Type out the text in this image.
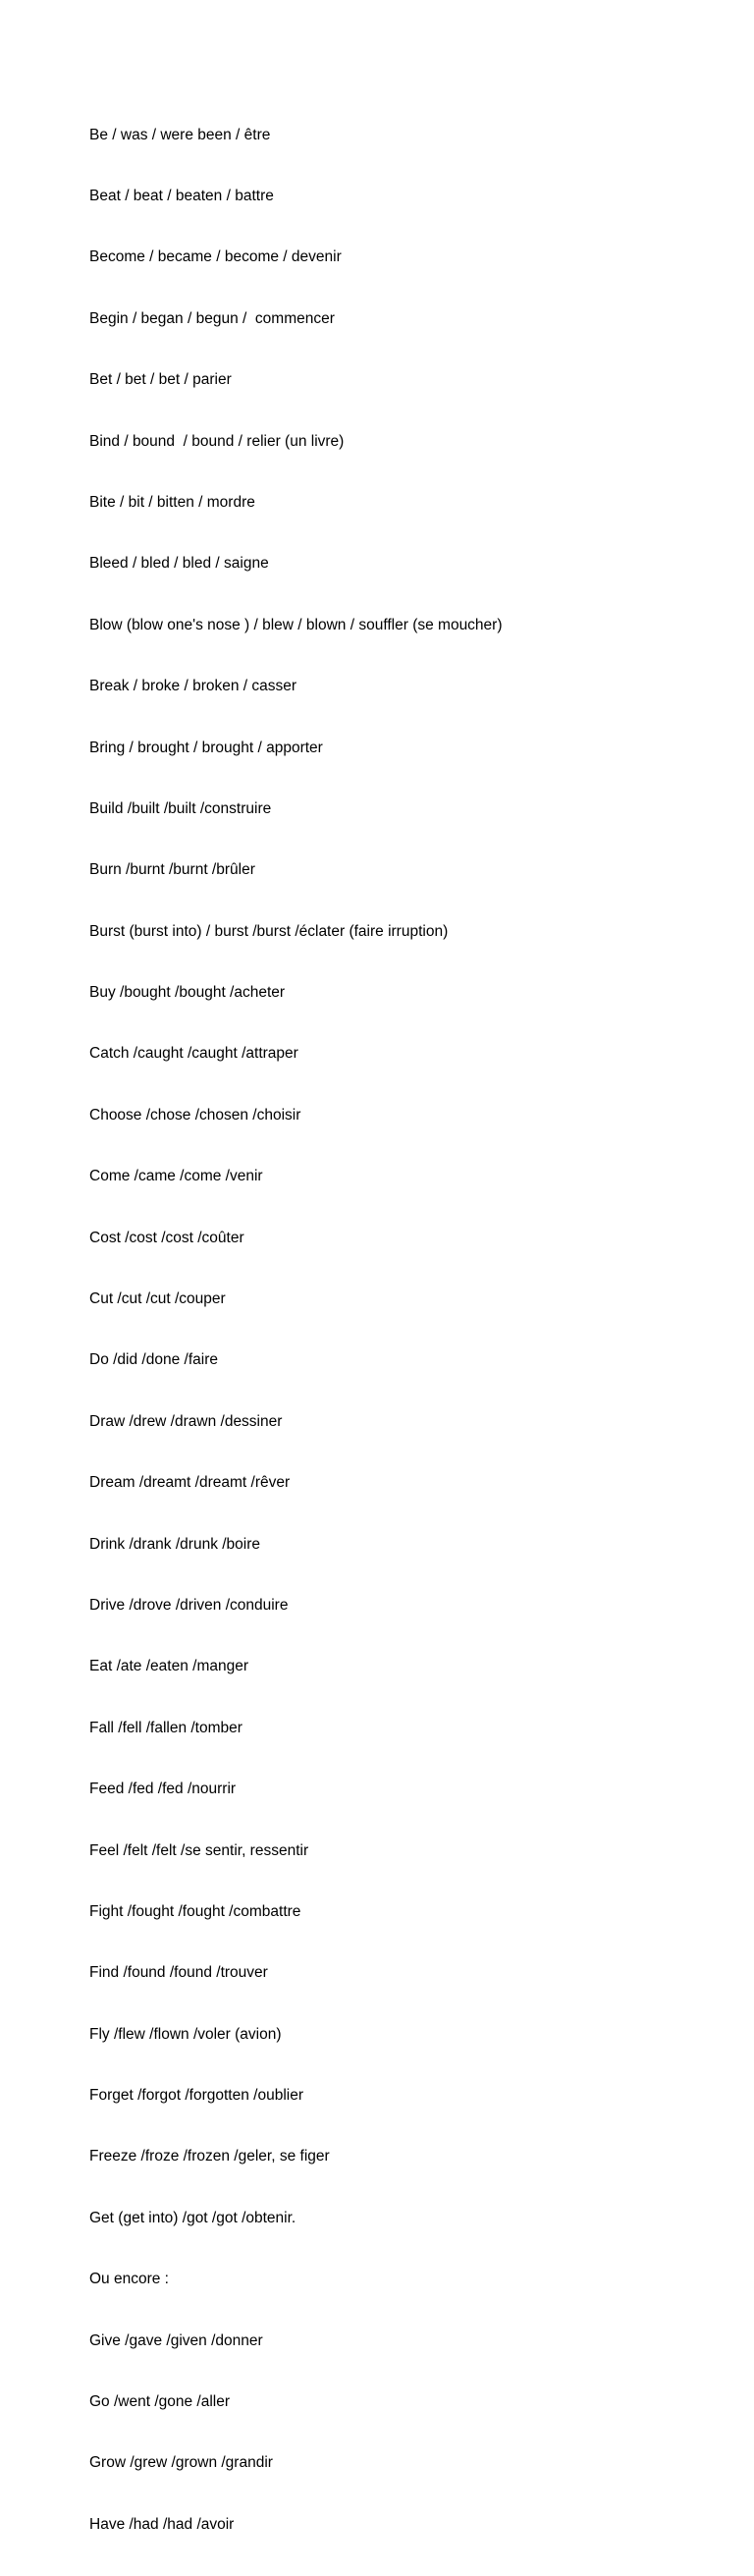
Be / was / were been / être

Beat / beat / beaten / battre

Become / became / become / devenir

Begin / began / begun /  commencer

Bet / bet / bet / parier

Bind / bound  / bound / relier (un livre)

Bite / bit / bitten / mordre

Bleed / bled / bled / saigne

Blow (blow one's nose ) / blew / blown / souffler (se moucher)

Break / broke / broken / casser

Bring / brought / brought / apporter

Build /built /built /construire

Burn /burnt /burnt /brûler

Burst (burst into) / burst /burst /éclater (faire irruption)

Buy /bought /bought /acheter

Catch /caught /caught /attraper

Choose /chose /chosen /choisir

Come /came /come /venir

Cost /cost /cost /coûter

Cut /cut /cut /couper

Do /did /done /faire

Draw /drew /drawn /dessiner

Dream /dreamt /dreamt /rêver

Drink /drank /drunk /boire

Drive /drove /driven /conduire

Eat /ate /eaten /manger

Fall /fell /fallen /tomber

Feed /fed /fed /nourrir

Feel /felt /felt /se sentir, ressentir

Fight /fought /fought /combattre

Find /found /found /trouver

Fly /flew /flown /voler (avion)

Forget /forgot /forgotten /oublier

Freeze /froze /frozen /geler, se figer

Get (get into) /got /got /obtenir.

Ou encore :

Give /gave /given /donner

Go /went /gone /aller

Grow /grew /grown /grandir

Have /had /had /avoir
